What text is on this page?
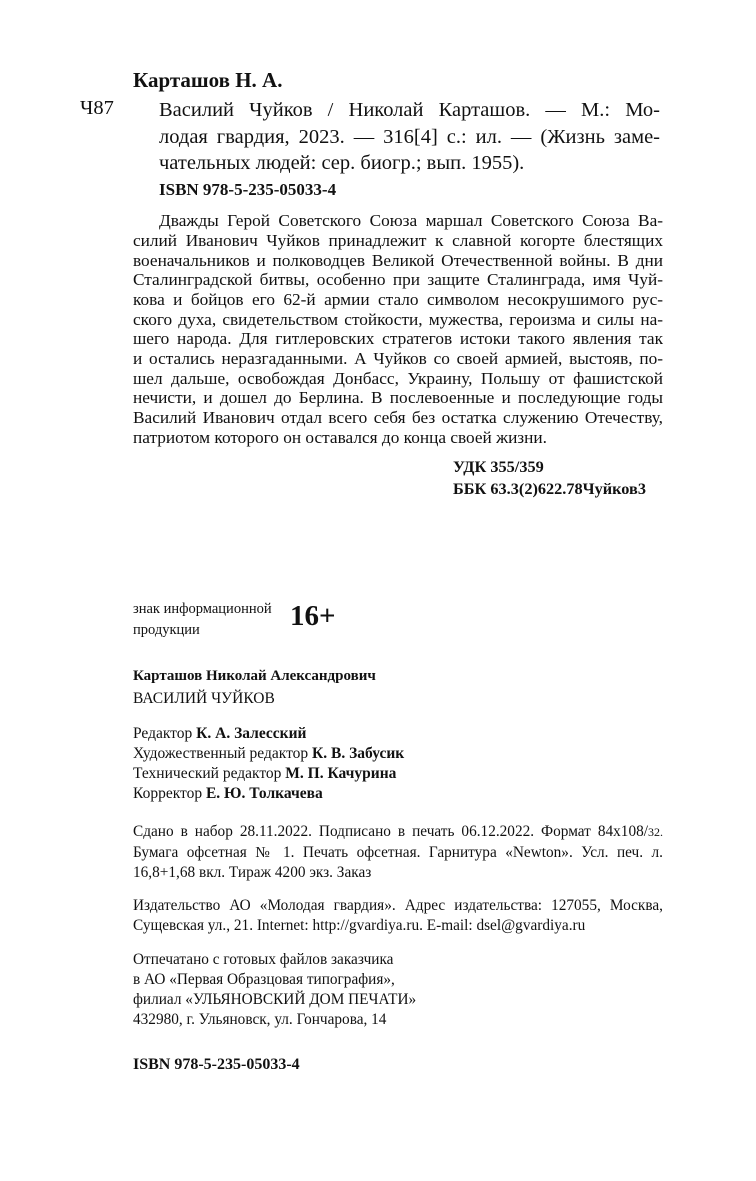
Карташов Н. А.
Ч87 Василий Чуйков / Николай Карташов. — М.: Мо-
лодая гвардия, 2023. — 316[4] с.: ил. — (Жизнь заме-
чательных людей: сер. биогр.; вып. 1955).
ISBN 978-5-235-05033-4
Дважды Герой Советского Союза маршал Советского Союза Ва-
силий Иванович Чуйков принадлежит к славной когорте блестящих
военачальников и полководцев Великой Отечественной войны. В дни
Сталинградской битвы, особенно при защите Сталинграда, имя Чуй-
кова и бойцов его 62-й армии стало символом несокрушимого рус-
ского духа, свидетельством стойкости, мужества, героизма и силы на-
шего народа. Для гитлеровских стратегов истоки такого явления так
и остались неразгаданными. А Чуйков со своей армией, выстояв, по-
шел дальше, освобождая Донбасс, Украину, Польшу от фашистской
нечисти, и дошел до Берлина. В послевоенные и последующие годы
Василий Иванович отдал всего себя без остатка служению Отечеству,
патриотом которого он оставался до конца своей жизни.
УДК 355/359
ББК 63.3(2)622.78Чуйков3
знак информационной
продукции	16+
Карташов Николай Александрович
ВАСИЛИЙ ЧУЙКОВ
Редактор К. А. Залесский
Художественный редактор К. В. Забусик
Технический редактор М. П. Качурина
Корректор Е. Ю. Толкачева
Сдано в набор 28.11.2022. Подписано в печать 06.12.2022. Формат 84x108/32.
Бумага офсетная № 1. Печать офсетная. Гарнитура «Newton». Усл. печ. л.
16,8+1,68 вкл. Тираж 4200 экз. Заказ
Издательство АО «Молодая гвардия». Адрес издательства: 127055, Москва,
Сущевская ул., 21. Internet: http://gvardiya.ru. E-mail: dsel@gvardiya.ru
Отпечатано с готовых файлов заказчика
в АО «Первая Образцовая типография»,
филиал «УЛЬЯНОВСКИЙ ДОМ ПЕЧАТИ»
432980, г. Ульяновск, ул. Гончарова, 14
ISBN 978-5-235-05033-4
